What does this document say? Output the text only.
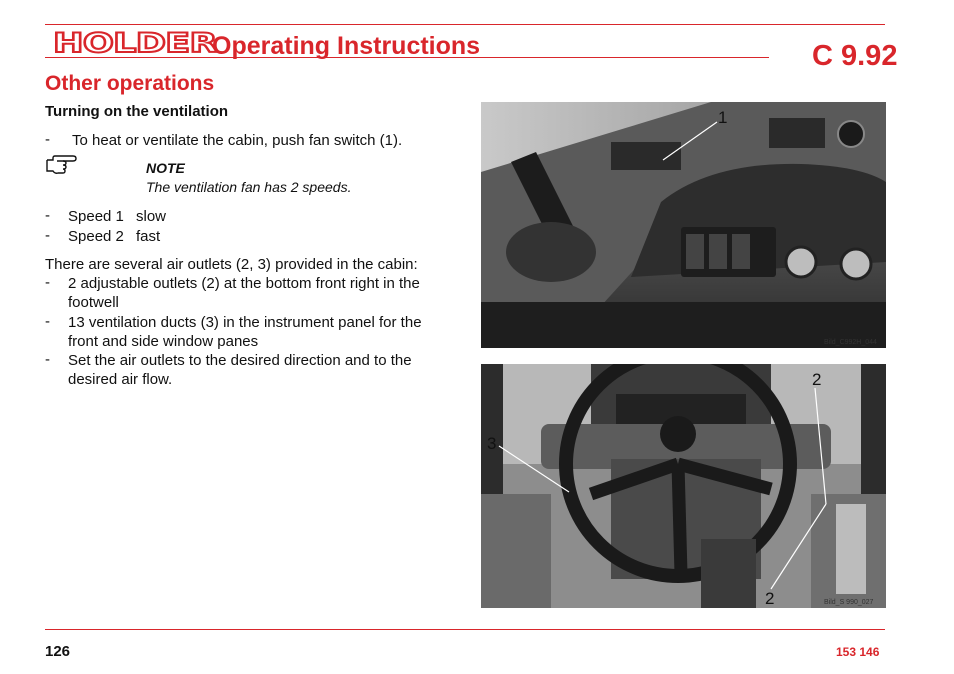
HOLDER
Operating Instructions	C 9.92
Other operations
Turning on the ventilation
- To heat or ventilate the cabin, push fan switch (1).
NOTE
The ventilation fan has 2 speeds.
- Speed 1 slow
- Speed 2 fast
There are several air outlets (2, 3) provided in the cabin:
- 2 adjustable outlets (2) at the bottom front right in the footwell
- 13 ventilation ducts (3) in the instrument panel for the front and side window panes
- Set the air outlets to the desired direction and to the desired air flow.
1
Bild_C992H_044
2
3
2	Bild_S 990_027
126	153 146
